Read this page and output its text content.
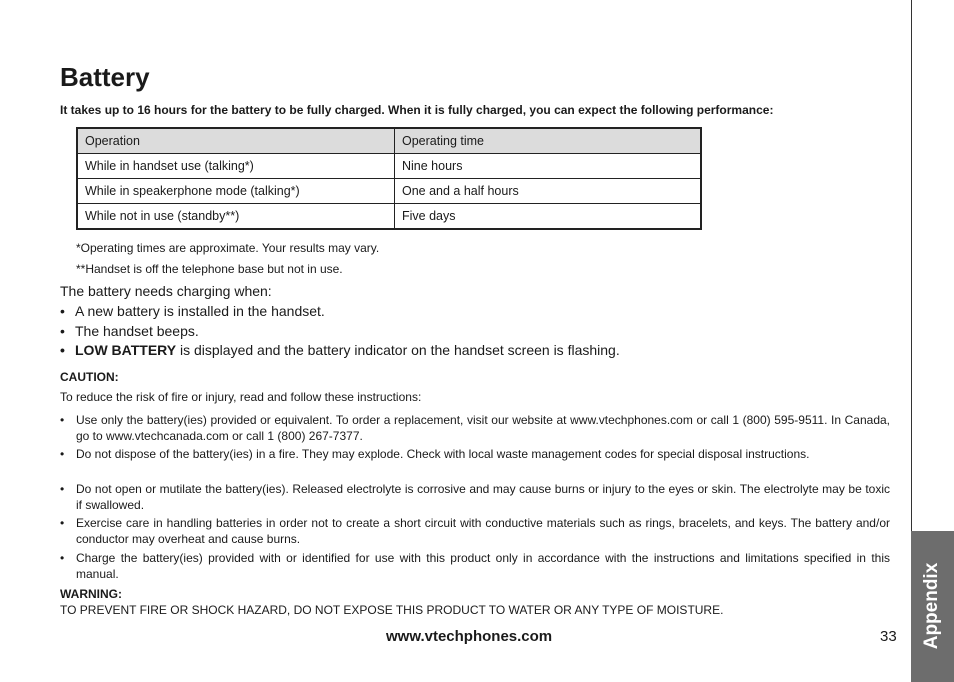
Appendix
Battery
It takes up to 16 hours for the battery to be fully charged. When it is fully charged, you can expect the following performance:
Operation	Operating time
While in handset use (talking*)	Nine hours
While in speakerphone mode (talking*)	One and a half hours
While not in use (standby**)	Five days
*Operating times are approximate. Your results may vary.
**Handset is off the telephone base but not in use.
The battery needs charging when:
• A new battery is installed in the handset.
• The handset beeps.
• LOW BATTERY is displayed and the battery indicator on the handset screen is flashing.
CAUTION:
To reduce the risk of fire or injury, read and follow these instructions:
• Use only the battery(ies) provided or equivalent. To order a replacement, visit our website at www.vtechphones.com or call 1 (800) 595-9511. In Canada, go to www.vtechcanada.com or call 1 (800) 267-7377.
• Do not dispose of the battery(ies) in a fire. They may explode. Check with local waste management codes for special disposal instructions.
• Do not open or mutilate the battery(ies). Released electrolyte is corrosive and may cause burns or injury to the eyes or skin. The electrolyte may be toxic if swallowed.
• Exercise care in handling batteries in order not to create a short circuit with conductive materials such as rings, bracelets, and keys. The battery and/or conductor may overheat and cause burns.
• Charge the battery(ies) provided with or identified for use with this product only in accordance with the instructions and limitations specified in this manual.
WARNING:
TO PREVENT FIRE OR SHOCK HAZARD, DO NOT EXPOSE THIS PRODUCT TO WATER OR ANY TYPE OF MOISTURE.
www.vtechphones.com	33
